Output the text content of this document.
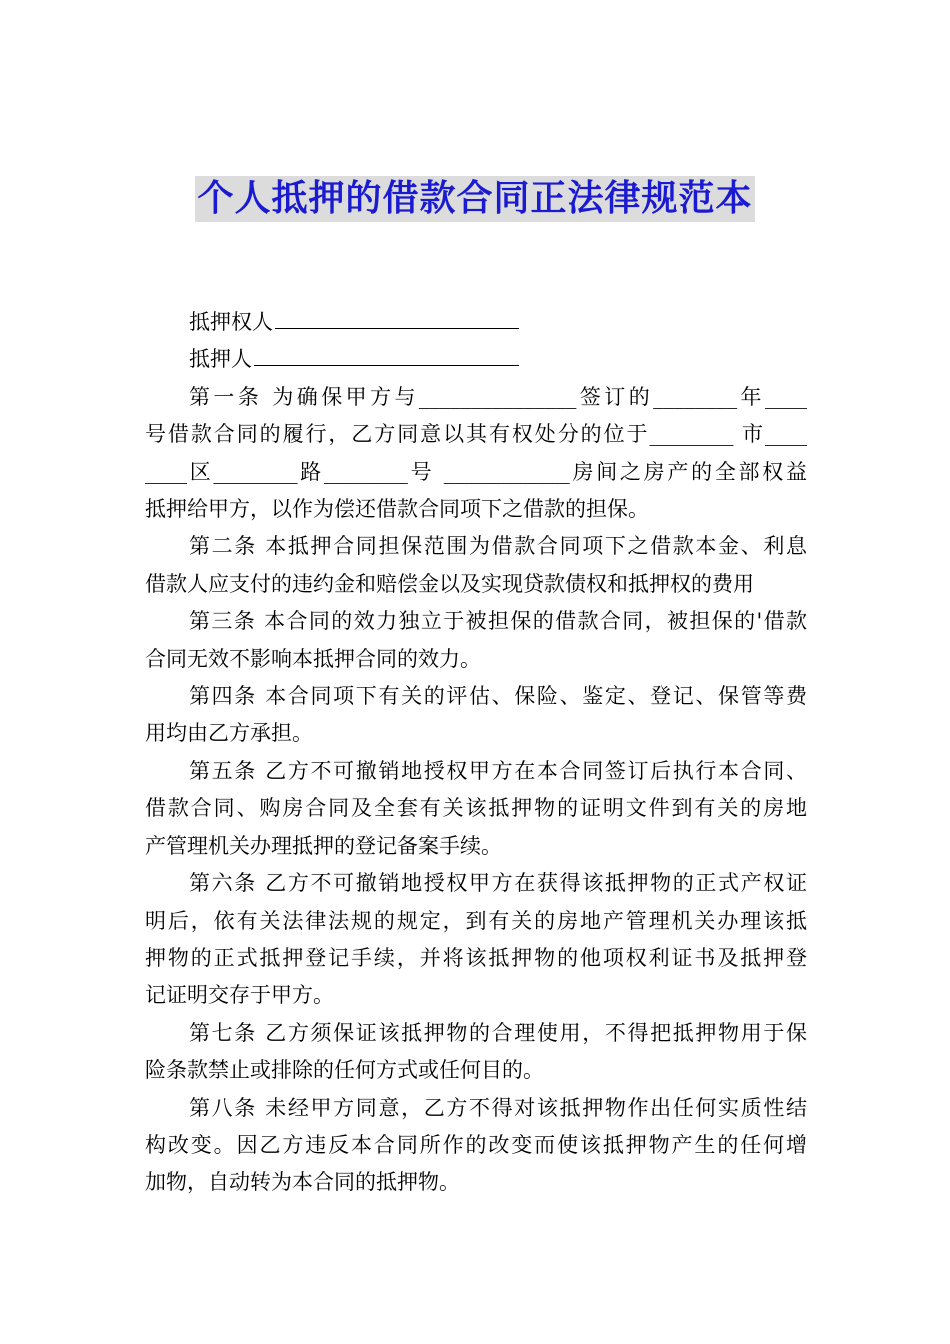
个人抵押的借款合同正法律规范本
抵押权人
抵押人
第一条 为确保甲方与_______________签订的________年____
号借款合同的履行，乙方同意以其有权处分的位于________ 市____
____区________路________号 ____________房间之房产的全部权益
抵押给甲方，以作为偿还借款合同项下之借款的担保。
第二条 本抵押合同担保范围为借款合同项下之借款本金、利息
借款人应支付的违约金和赔偿金以及实现贷款债权和抵押权的费用
第三条 本合同的效力独立于被担保的借款合同，被担保的'借款
合同无效不影响本抵押合同的效力。
第四条 本合同项下有关的评估、保险、鉴定、登记、保管等费
用均由乙方承担。
第五条 乙方不可撤销地授权甲方在本合同签订后执行本合同、
借款合同、购房合同及全套有关该抵押物的证明文件到有关的房地
产管理机关办理抵押的登记备案手续。
第六条 乙方不可撤销地授权甲方在获得该抵押物的正式产权证
明后，依有关法律法规的规定，到有关的房地产管理机关办理该抵
押物的正式抵押登记手续，并将该抵押物的他项权利证书及抵押登
记证明交存于甲方。
第七条 乙方须保证该抵押物的合理使用，不得把抵押物用于保
险条款禁止或排除的任何方式或任何目的。
第八条 未经甲方同意，乙方不得对该抵押物作出任何实质性结
构改变。因乙方违反本合同所作的改变而使该抵押物产生的任何增
加物，自动转为本合同的抵押物。
